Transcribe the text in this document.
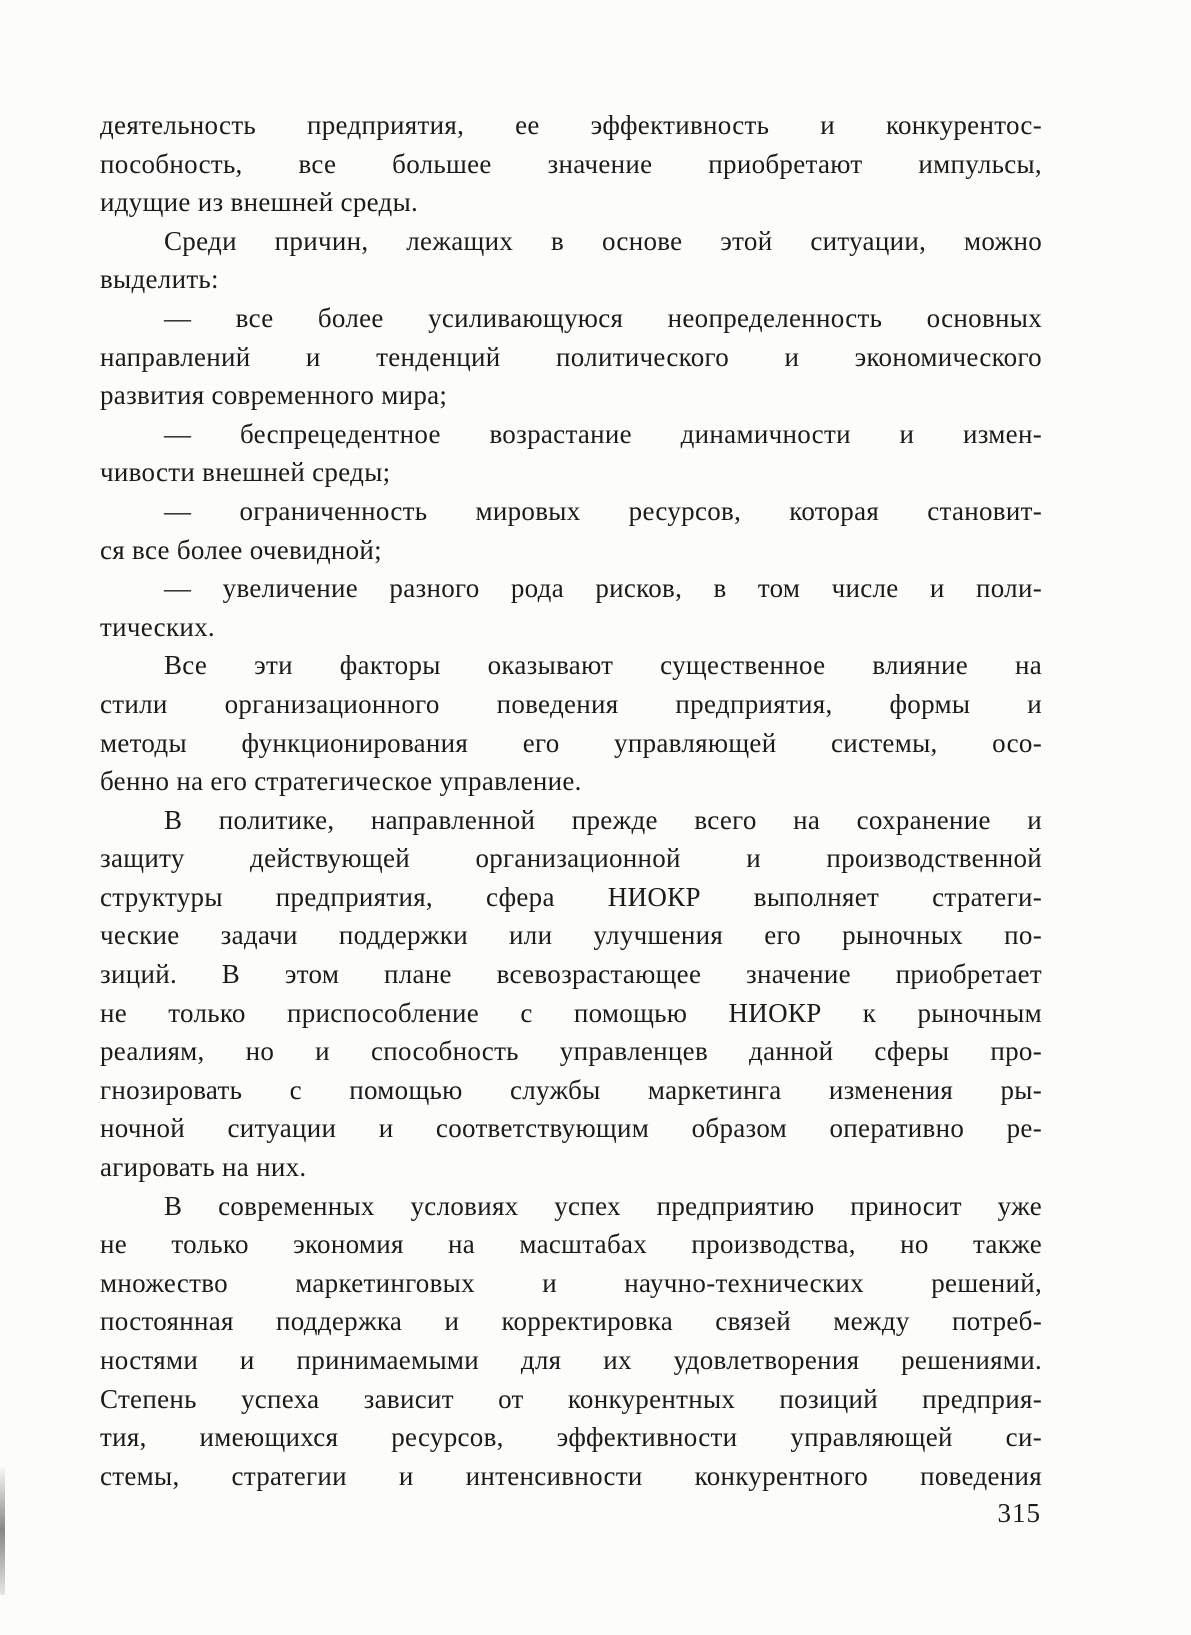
деятельность предприятия, ее эффективность и конкурентос-
пособность, все большее значение приобретают импульсы,
идущие из внешней среды.
Среди причин, лежащих в основе этой ситуации, можно
выделить:
— все более усиливающуюся неопределенность основных
направлений и тенденций политического и экономического
развития современного мира;
— беспрецедентное возрастание динамичности и измен-
чивости внешней среды;
— ограниченность мировых ресурсов, которая становит-
ся все более очевидной;
— увеличение разного рода рисков, в том числе и поли-
тических.
Все эти факторы оказывают существенное влияние на
стили организационного поведения предприятия, формы и
методы функционирования его управляющей системы, осо-
бенно на его стратегическое управление.
В политике, направленной прежде всего на сохранение и
защиту действующей организационной и производственной
структуры предприятия, сфера НИОКР выполняет стратеги-
ческие задачи поддержки или улучшения его рыночных по-
зиций. В этом плане всевозрастающее значение приобретает
не только приспособление с помощью НИОКР к рыночным
реалиям, но и способность управленцев данной сферы про-
гнозировать с помощью службы маркетинга изменения ры-
ночной ситуации и соответствующим образом оперативно ре-
агировать на них.
В современных условиях успех предприятию приносит уже
не только экономия на масштабах производства, но также
множество маркетинговых и научно-технических решений,
постоянная поддержка и корректировка связей между потреб-
ностями и принимаемыми для их удовлетворения решениями.
Степень успеха зависит от конкурентных позиций предприя-
тия, имеющихся ресурсов, эффективности управляющей си-
стемы, стратегии и интенсивности конкурентного поведения
315
